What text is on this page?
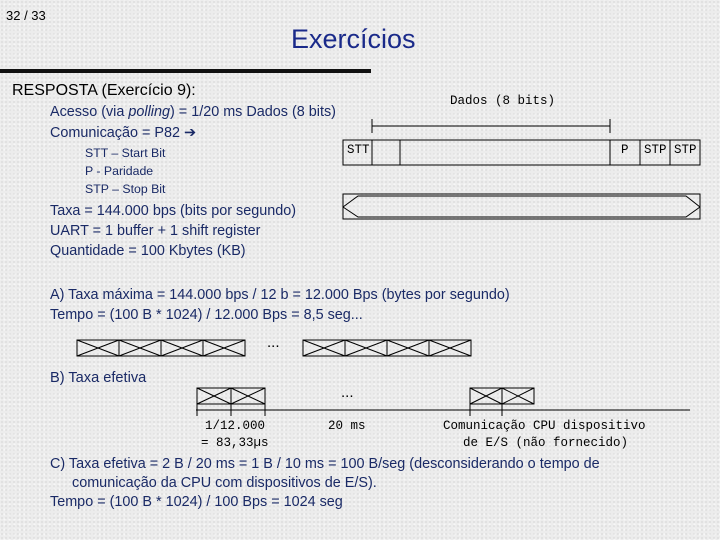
32 / 33
Exercícios
RESPOSTA (Exercício 9):
Acesso (via polling) = 1/20 ms Dados (8 bits)
Comunicação = P82 ➔
STT – Start Bit
P - Paridade
STP – Stop Bit
Taxa = 144.000 bps (bits por segundo)
UART = 1 buffer + 1 shift register
Quantidade = 100 Kbytes (KB)
Dados (8 bits)
STT	P STP STP
A) Taxa máxima = 144.000 bps / 12 b = 12.000 Bps (bytes por segundo)
Tempo = (100 B * 1024) / 12.000 Bps = 8,5 seg...
...
B) Taxa efetiva
...
1/12.000
= 83,33µs
20 ms	Comunicação CPU dispositivo
de E/S (não fornecido)
C) Taxa efetiva = 2 B / 20 ms = 1 B / 10 ms = 100 B/seg (desconsiderando o tempo de
comunicação da CPU com dispositivos de E/S).
Tempo = (100 B * 1024) / 100 Bps = 1024 seg
